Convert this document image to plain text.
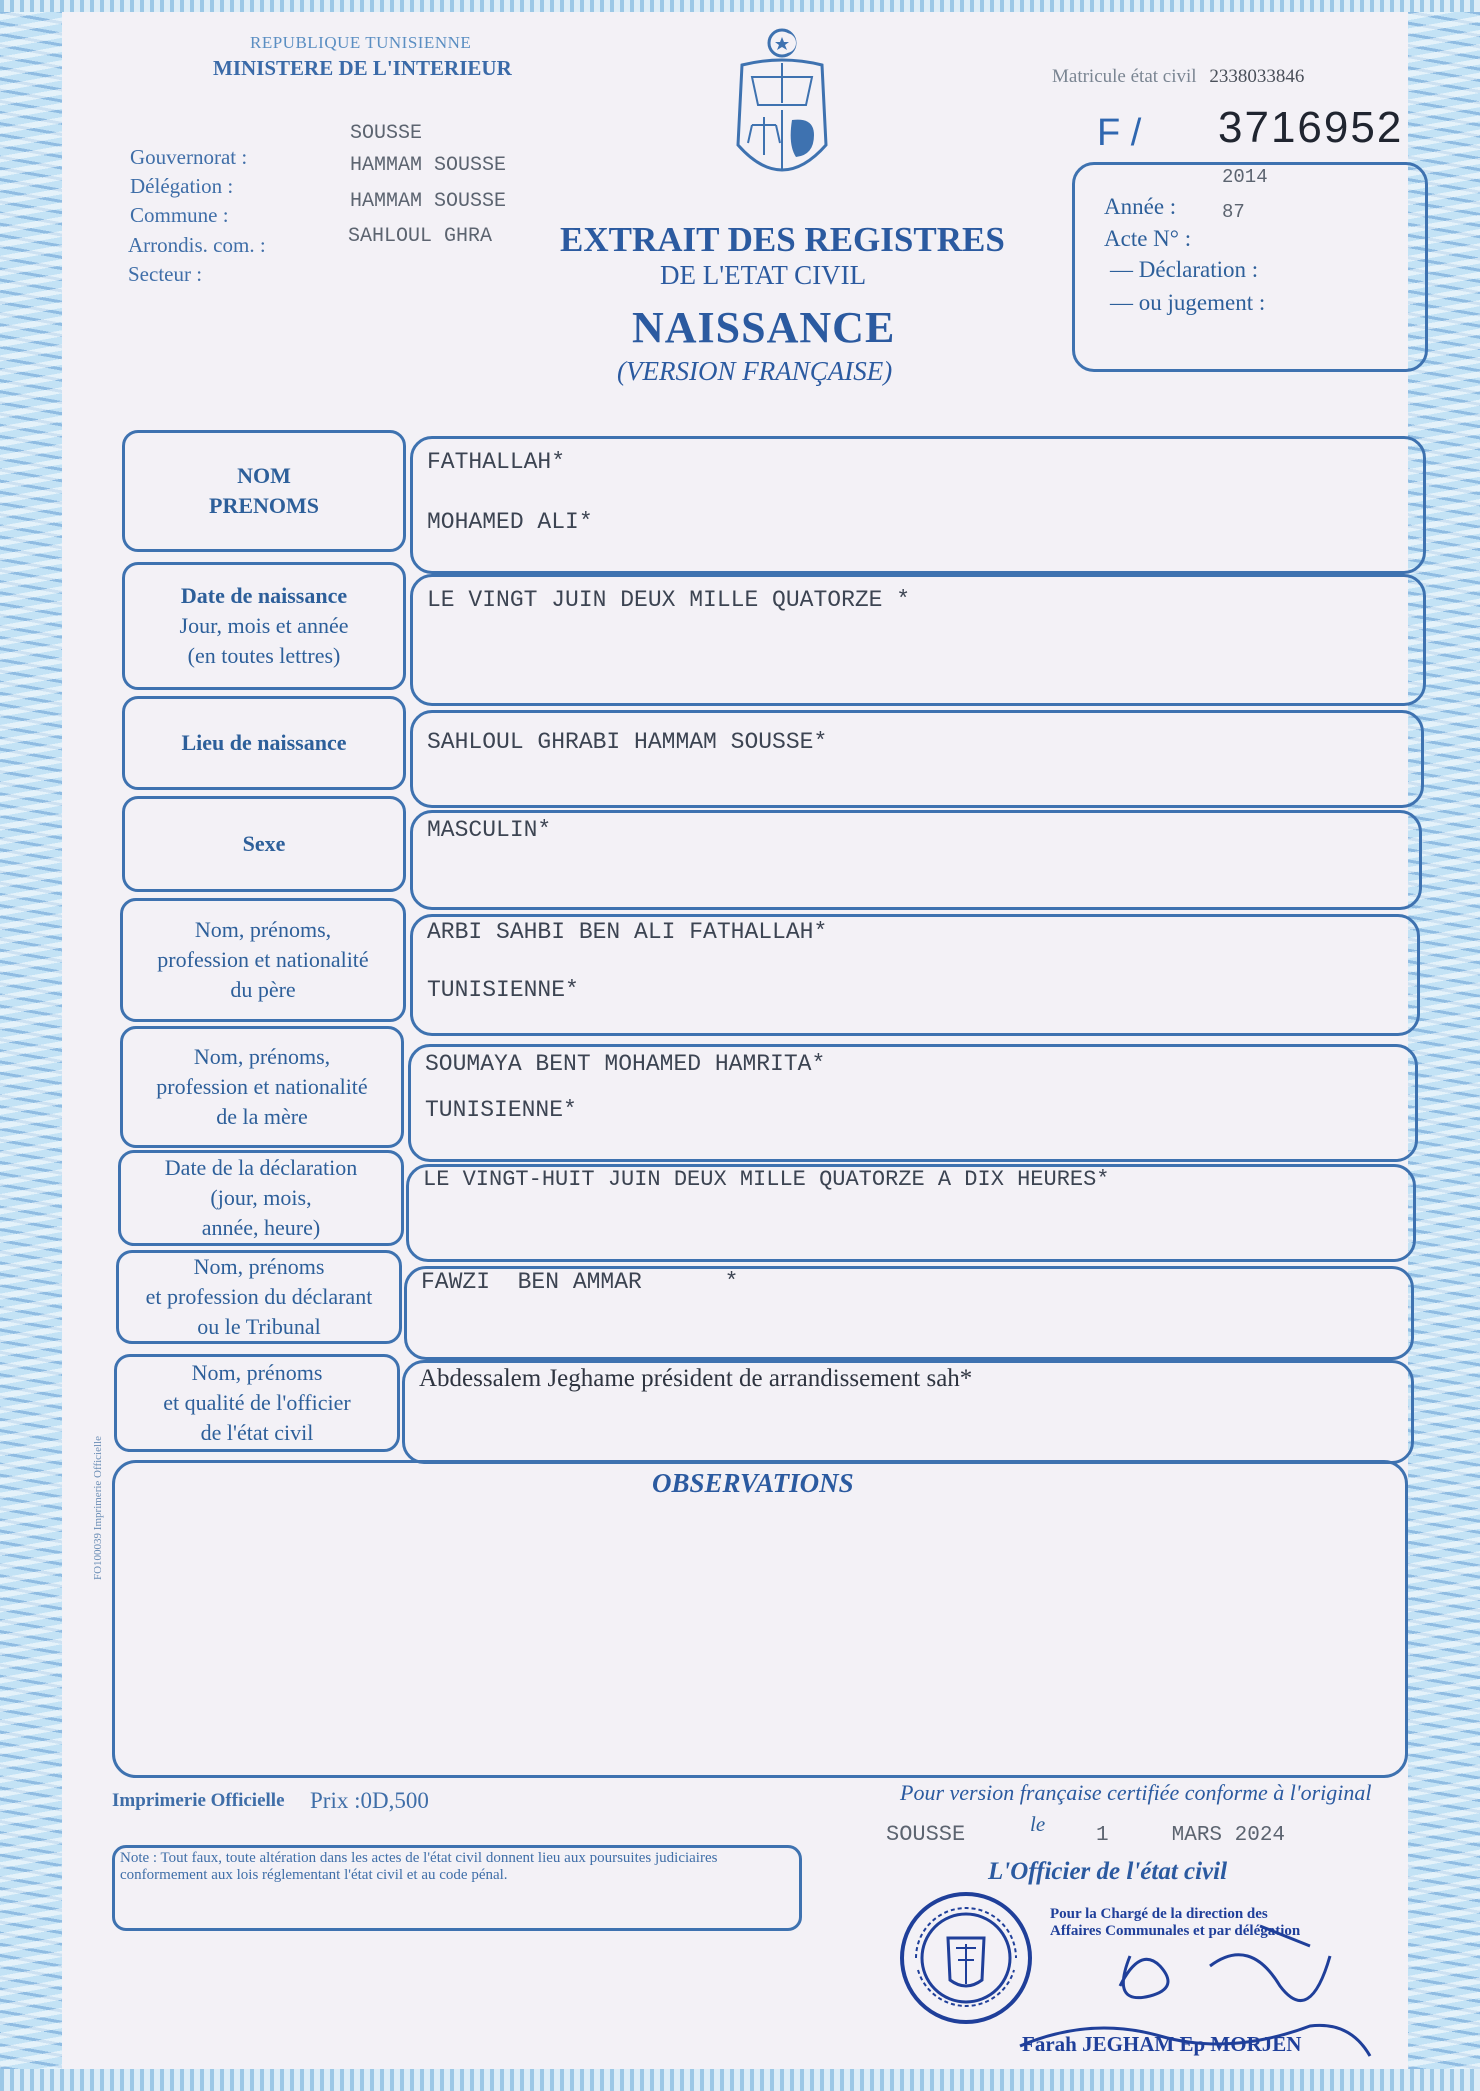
REPUBLIQUE TUNISIENNE
MINISTERE DE L'INTERIEUR
Gouvernorat :
Délégation :
Commune :
Arrondis. com. :
Secteur :
SOUSSE
HAMMAM SOUSSE
HAMMAM SOUSSE
SAHLOUL GHRA
Matricule état civil 2338033846
F / 3716952
Année :
2014
Acte N° :
87
— Déclaration :
— ou jugement :
EXTRAIT DES REGISTRES
DE L'ETAT CIVIL
NAISSANCE
(VERSION FRANÇAISE)
NOM
PRENOMS
FATHALLAH*
MOHAMED ALI*
Date de naissance
Jour, mois et année
(en toutes lettres)
LE VINGT JUIN DEUX MILLE QUATORZE *
Lieu de naissance	SAHLOUL GHRABI HAMMAM SOUSSE*
Sexe
MASCULIN*
Nom, prénoms,
profession et nationalité
du père
ARBI SAHBI BEN ALI FATHALLAH*
TUNISIENNE*
Nom, prénoms,
profession et nationalité
de la mère
SOUMAYA BENT MOHAMED HAMRITA*
TUNISIENNE*
Date de la déclaration
(jour, mois,
année, heure)
LE VINGT-HUIT JUIN DEUX MILLE QUATORZE A DIX HEURES*
Nom, prénoms
et profession du déclarant
ou le Tribunal
FAWZI  BEN AMMAR      *
Nom, prénoms
et qualité de l'officier
de l'état civil
Abdessalem Jeghame président de arrandissement sah*
OBSERVATIONS
FO100039 Imprimerie Officielle
Imprimerie Officielle Prix :0D,500
Note : Tout faux, toute altération dans les actes de l'état civil donnent lieu aux poursuites judiciaires conformement aux lois réglementant l'état civil et au code pénal.
Pour version française certifiée conforme à l'original
SOUSSE	le 1     MARS 2024
L'Officier de l'état civil
Pour la Chargé de la direction des Affaires Communales et par délégation
Farah JEGHAM Ep MORJEN
